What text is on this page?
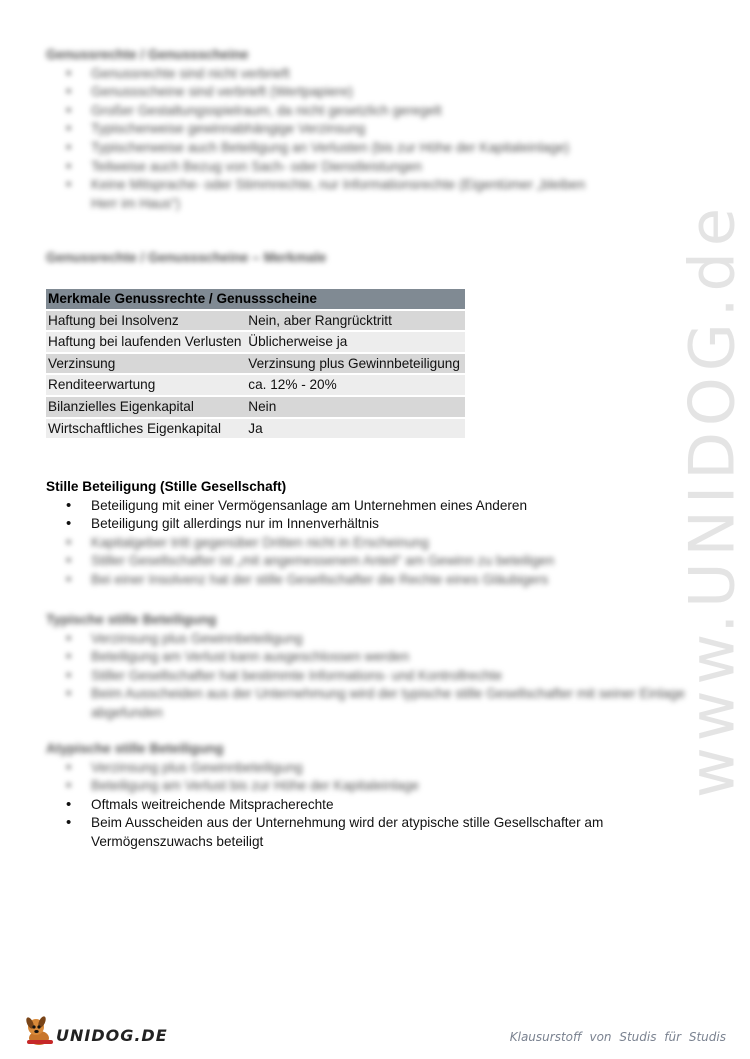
www.UNIDOG.de
Genussrechte / Genussscheine
• Genussrechte sind nicht verbrieft
• Genussscheine sind verbrieft (Wertpapiere)
• Großer Gestaltungsspielraum, da nicht gesetzlich geregelt
• Typischerweise gewinnabhängige Verzinsung
• Typischerweise auch Beteiligung an Verlusten (bis zur Höhe der Kapitaleinlage)
• Teilweise auch Bezug von Sach- oder Dienstleistungen
• Keine Mitsprache- oder Stimmrechte, nur Informationsrechte (Eigentümer „bleiben Herr im Haus“)
Genussrechte / Genussscheine – Merkmale
Merkmale Genussrechte / Genussscheine	
Haftung bei Insolvenz	Nein, aber Rangrücktritt
Haftung bei laufenden Verlusten	Üblicherweise ja
Verzinsung	Verzinsung plus Gewinnbeteiligung
Renditeerwartung	ca. 12% - 20%
Bilanzielles Eigenkapital	Nein
Wirtschaftliches Eigenkapital	Ja
Stille Beteiligung (Stille Gesellschaft)
• Beteiligung mit einer Vermögensanlage am Unternehmen eines Anderen
• Beteiligung gilt allerdings nur im Innenverhältnis
• Kapitalgeber tritt gegenüber Dritten nicht in Erscheinung
• Stiller Gesellschafter ist „mit angemessenem Anteil“ am Gewinn zu beteiligen
• Bei einer Insolvenz hat der stille Gesellschafter die Rechte eines Gläubigers
Typische stille Beteiligung
• Verzinsung plus Gewinnbeteiligung
• Beteiligung am Verlust kann ausgeschlossen werden
• Stiller Gesellschafter hat bestimmte Informations- und Kontrollrechte
• Beim Ausscheiden aus der Unternehmung wird der typische stille Gesellschafter mit seiner Einlage abgefunden
Atypische stille Beteiligung
• Verzinsung plus Gewinnbeteiligung
• Beteiligung am Verlust bis zur Höhe der Kapitaleinlage
• Oftmals weitreichende Mitspracherechte
• Beim Ausscheiden aus der Unternehmung wird der atypische stille Gesellschafter am Vermögenszuwachs beteiligt
UNIDOG.DE	Klausurstoff von Studis für Studis
